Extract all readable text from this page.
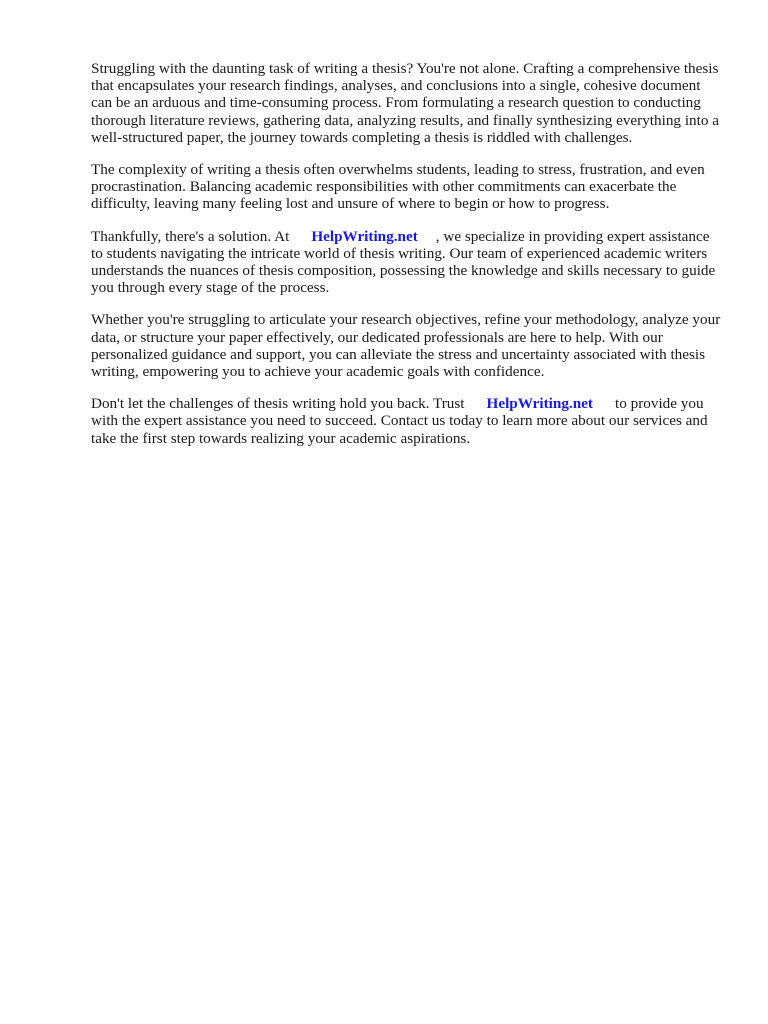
Struggling with the daunting task of writing a thesis? You're not alone. Crafting a comprehensive thesis that encapsulates your research findings, analyses, and conclusions into a single, cohesive document can be an arduous and time-consuming process. From formulating a research question to conducting thorough literature reviews, gathering data, analyzing results, and finally synthesizing everything into a well-structured paper, the journey towards completing a thesis is riddled with challenges.

The complexity of writing a thesis often overwhelms students, leading to stress, frustration, and even procrastination. Balancing academic responsibilities with other commitments can exacerbate the difficulty, leaving many feeling lost and unsure of where to begin or how to progress.

Thankfully, there's a solution. At HelpWriting.net , we specialize in providing expert assistance to students navigating the intricate world of thesis writing. Our team of experienced academic writers understands the nuances of thesis composition, possessing the knowledge and skills necessary to guide you through every stage of the process.

Whether you're struggling to articulate your research objectives, refine your methodology, analyze your data, or structure your paper effectively, our dedicated professionals are here to help. With our personalized guidance and support, you can alleviate the stress and uncertainty associated with thesis writing, empowering you to achieve your academic goals with confidence.

Don't let the challenges of thesis writing hold you back. Trust HelpWriting.net to provide you with the expert assistance you need to succeed. Contact us today to learn more about our services and take the first step towards realizing your academic aspirations.
